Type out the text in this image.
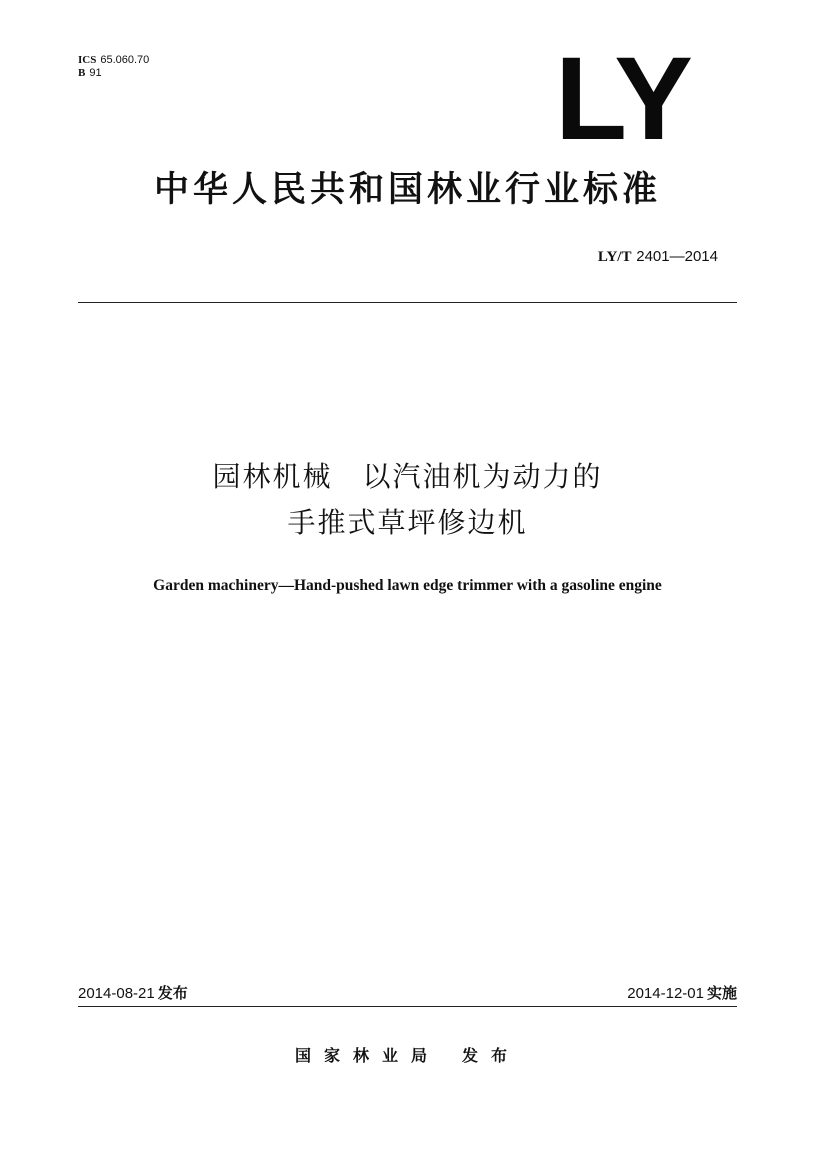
ICS 65.060.70
B 91	LY
中华人民共和国林业行业标准
LY/T 2401—2014
园林机械　以汽油机为动力的
手推式草坪修边机
Garden machinery—Hand-pushed lawn edge trimmer with a gasoline engine
2014-08-21 发布	2014-12-01 实施
国家林业局 发布
